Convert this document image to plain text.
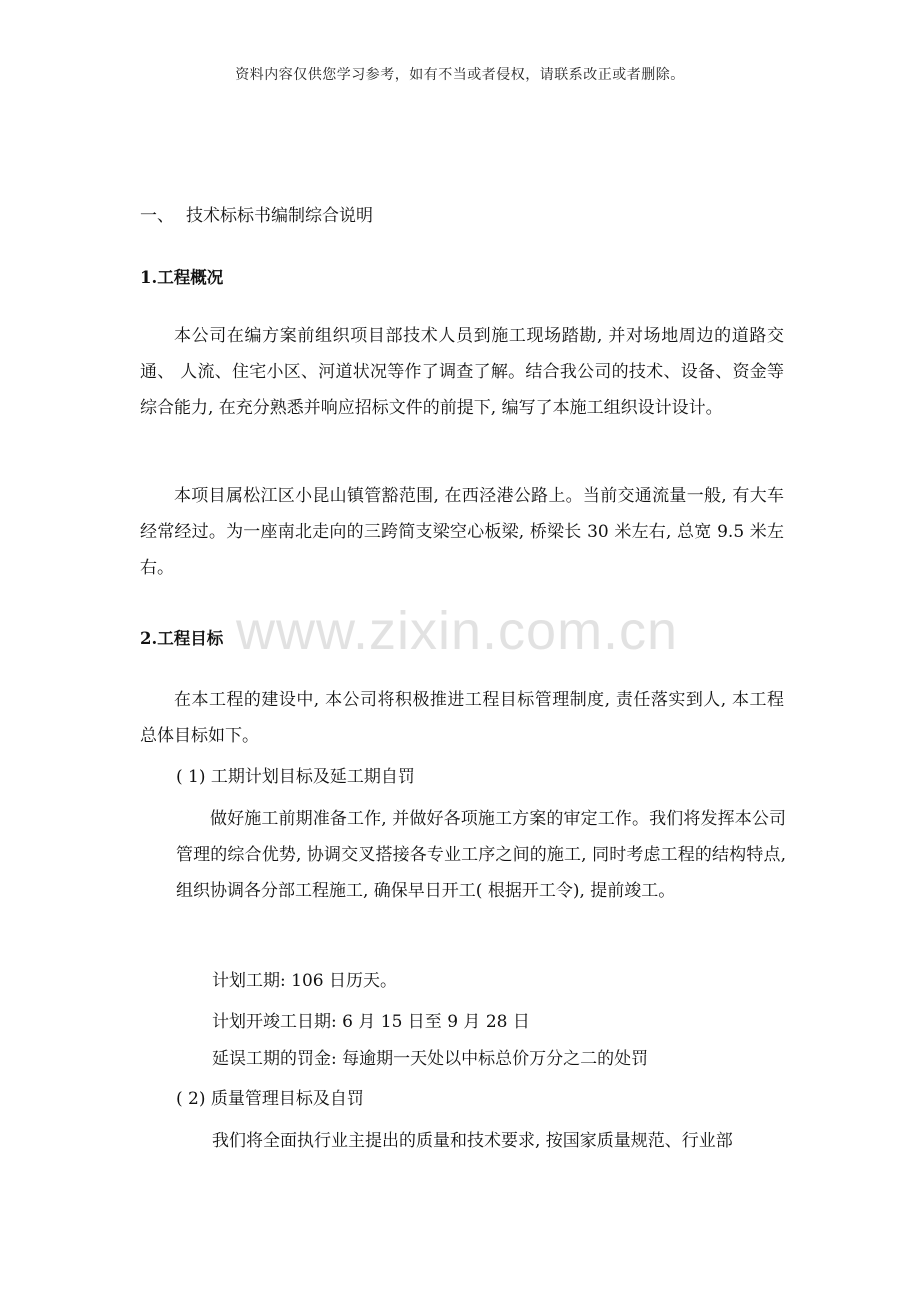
资料内容仅供您学习参考，如有不当或者侵权，请联系改正或者删除。
www.zixin.com.cn
一、 技术标标书编制综合说明
1.工程概况
本公司在编方案前组织项目部技术人员到施工现场踏勘, 并对场地周边的道路交通、 人流、住宅小区、河道状况等作了调查了解。结合我公司的技术、设备、资金等综合能力, 在充分熟悉并响应招标文件的前提下, 编写了本施工组织设计设计。
本项目属松江区小昆山镇管豁范围, 在西泾港公路上。当前交通流量一般, 有大车经常经过。为一座南北走向的三跨简支梁空心板梁, 桥梁长 30 米左右, 总宽 9.5 米左右。
2.工程目标
在本工程的建设中, 本公司将积极推进工程目标管理制度, 责任落实到人, 本工程总体目标如下。
( 1) 工期计划目标及延工期自罚
做好施工前期准备工作, 并做好各项施工方案的审定工作。我们将发挥本公司管理的综合优势, 协调交叉搭接各专业工序之间的施工, 同时考虑工程的结构特点, 组织协调各分部工程施工, 确保早日开工( 根据开工令), 提前竣工。
计划工期: 106 日历天。
计划开竣工日期: 6 月 15 日至 9 月 28 日
延误工期的罚金: 每逾期一天处以中标总价万分之二的处罚
( 2) 质量管理目标及自罚
我们将全面执行业主提出的质量和技术要求, 按国家质量规范、行业部
